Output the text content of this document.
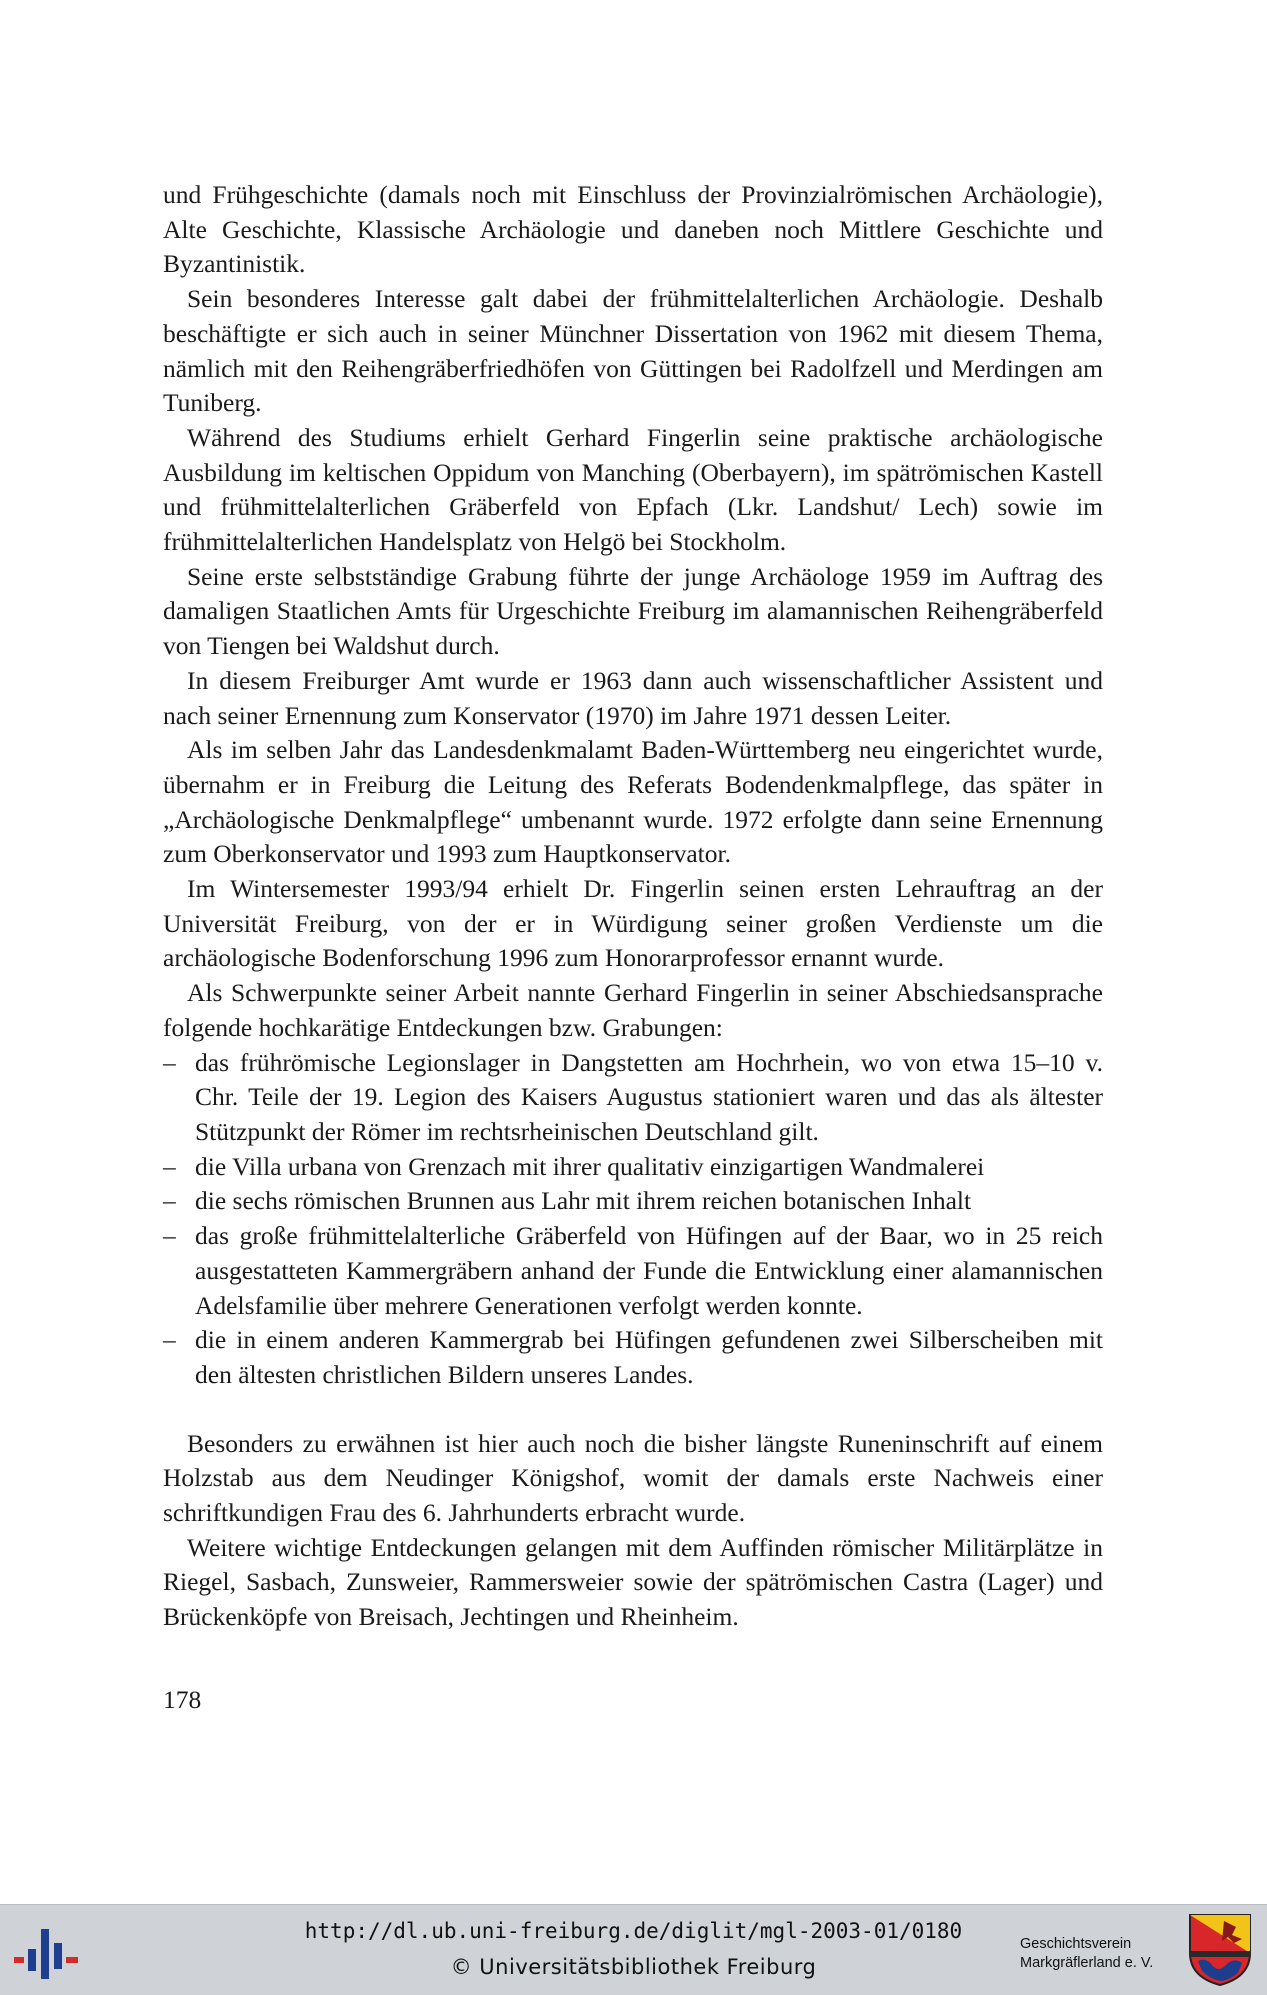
und Frühgeschichte (damals noch mit Einschluss der Provinzialrömischen Archäologie), Alte Geschichte, Klassische Archäologie und daneben noch Mittlere Geschichte und Byzantinistik.

Sein besonderes Interesse galt dabei der frühmittelalterlichen Archäologie. Deshalb beschäftigte er sich auch in seiner Münchner Dissertation von 1962 mit diesem Thema, nämlich mit den Reihengräberfriedhöfen von Güttingen bei Radolfzell und Merdingen am Tuniberg.

Während des Studiums erhielt Gerhard Fingerlin seine praktische archäologische Ausbildung im keltischen Oppidum von Manching (Oberbayern), im spätrömischen Kastell und frühmittelalterlichen Gräberfeld von Epfach (Lkr. Landshut/ Lech) sowie im frühmittelalterlichen Handelsplatz von Helgö bei Stockholm.

Seine erste selbstständige Grabung führte der junge Archäologe 1959 im Auftrag des damaligen Staatlichen Amts für Urgeschichte Freiburg im alamannischen Reihengräberfeld von Tiengen bei Waldshut durch.

In diesem Freiburger Amt wurde er 1963 dann auch wissenschaftlicher Assistent und nach seiner Ernennung zum Konservator (1970) im Jahre 1971 dessen Leiter.

Als im selben Jahr das Landesdenkmalamt Baden-Württemberg neu eingerichtet wurde, übernahm er in Freiburg die Leitung des Referats Bodendenkmalpflege, das später in „Archäologische Denkmalpflege“ umbenannt wurde. 1972 erfolgte dann seine Ernennung zum Oberkonservator und 1993 zum Hauptkonservator.

Im Wintersemester 1993/94 erhielt Dr. Fingerlin seinen ersten Lehrauftrag an der Universität Freiburg, von der er in Würdigung seiner großen Verdienste um die archäologische Bodenforschung 1996 zum Honorarprofessor ernannt wurde.

Als Schwerpunkte seiner Arbeit nannte Gerhard Fingerlin in seiner Abschiedsansprache folgende hochkarätige Entdeckungen bzw. Grabungen:

– das frührömische Legionslager in Dangstetten am Hochrhein, wo von etwa 15–10 v. Chr. Teile der 19. Legion des Kaisers Augustus stationiert waren und das als ältester Stützpunkt der Römer im rechtsrheinischen Deutschland gilt.
– die Villa urbana von Grenzach mit ihrer qualitativ einzigartigen Wandmalerei
– die sechs römischen Brunnen aus Lahr mit ihrem reichen botanischen Inhalt
– das große frühmittelalterliche Gräberfeld von Hüfingen auf der Baar, wo in 25 reich ausgestatteten Kammergräbern anhand der Funde die Entwicklung einer alamannischen Adelsfamilie über mehrere Generationen verfolgt werden konnte.
– die in einem anderen Kammergrab bei Hüfingen gefundenen zwei Silberscheiben mit den ältesten christlichen Bildern unseres Landes.

Besonders zu erwähnen ist hier auch noch die bisher längste Runeninschrift auf einem Holzstab aus dem Neudinger Königshof, womit der damals erste Nachweis einer schriftkundigen Frau des 6. Jahrhunderts erbracht wurde.

Weitere wichtige Entdeckungen gelangen mit dem Auffinden römischer Militärplätze in Riegel, Sasbach, Zunsweier, Rammersweier sowie der spätrömischen Castra (Lager) und Brückenköpfe von Breisach, Jechtingen und Rheinheim.

178
http://dl.ub.uni-freiburg.de/diglit/mgl-2003-01/0180
© Universitätsbibliothek Freiburg
Geschichtsverein
Markgräflerland e. V.
